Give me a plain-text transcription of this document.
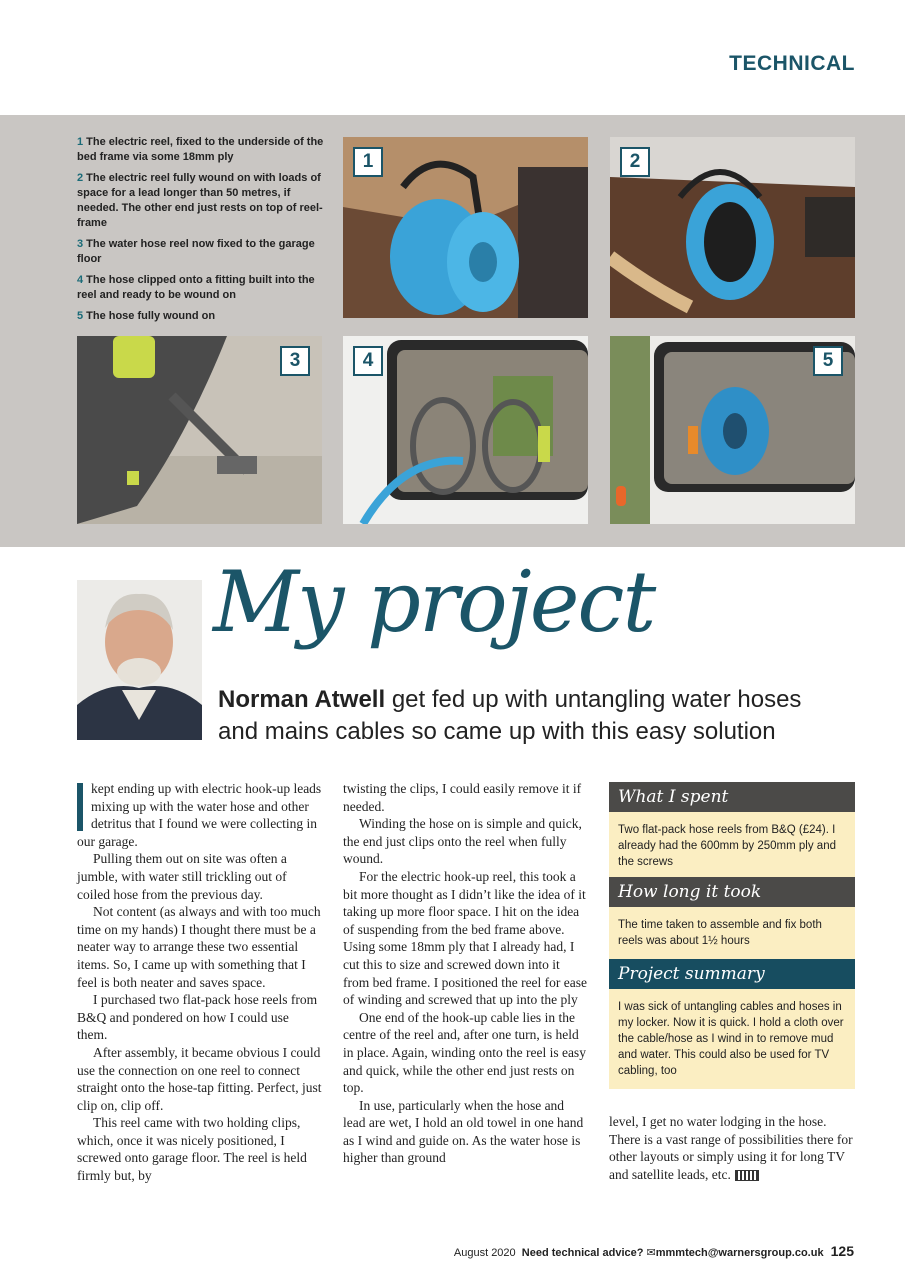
TECHNICAL

1 The electric reel, fixed to the underside of the bed frame via some 18mm ply

2 The electric reel fully wound on with loads of space for a lead longer than 50 metres, if needed. The other end just rests on top of reel-frame

3 The water hose reel now fixed to the garage floor

4 The hose clipped onto a fitting built into the reel and ready to be wound on

5 The hose fully wound on

1	2
3	4	5
My project
Norman Atwell get fed up with untangling water hoses and mains cables so came up with this easy solution

kept ending up with electric hook-up leads mixing up with the water hose and other detritus that I found we were collecting in our garage.

Pulling them out on site was often a jumble, with water still trickling out of coiled hose from the previous day.

Not content (as always and with too much time on my hands) I thought there must be a neater way to arrange these two essential items. So, I came up with something that I feel is both neater and saves space.

I purchased two flat-pack hose reels from B&Q and pondered on how I could use them.

After assembly, it became obvious I could use the connection on one reel to connect straight onto the hose-tap fitting. Perfect, just clip on, clip off.

This reel came with two holding clips, which, once it was nicely positioned, I screwed onto garage floor. The reel is held firmly but, by

twisting the clips, I could easily remove it if needed.

Winding the hose on is simple and quick, the end just clips onto the reel when fully wound.

For the electric hook-up reel, this took a bit more thought as I didn’t like the idea of it taking up more floor space. I hit on the idea of suspending from the bed frame above. Using some 18mm ply that I already had, I cut this to size and screwed down into it from bed frame. I positioned the reel for ease of winding and screwed that up into the ply

One end of the hook-up cable lies in the centre of the reel and, after one turn, is held in place. Again, winding onto the reel is easy and quick, while the other end just rests on top.

In use, particularly when the hose and lead are wet, I hold an old towel in one hand as I wind and guide on. As the water hose is higher than ground

What I spent
Two flat-pack hose reels from B&Q (£24). I already had the 600mm by 250mm ply and the screws
How long it took
The time taken to assemble and fix both reels was about 1½ hours
Project summary
I was sick of untangling cables and hoses in my locker. Now it is quick. I hold a cloth over the cable/hose as I wind in to remove mud and water. This could also be used for TV cabling, too

level, I get no water lodging in the hose. There is a vast range of possibilities there for other layouts or simply using it for long TV and satellite leads, etc.

August 2020 Need technical advice? ✉mmmtech@warnersgroup.co.uk 125
